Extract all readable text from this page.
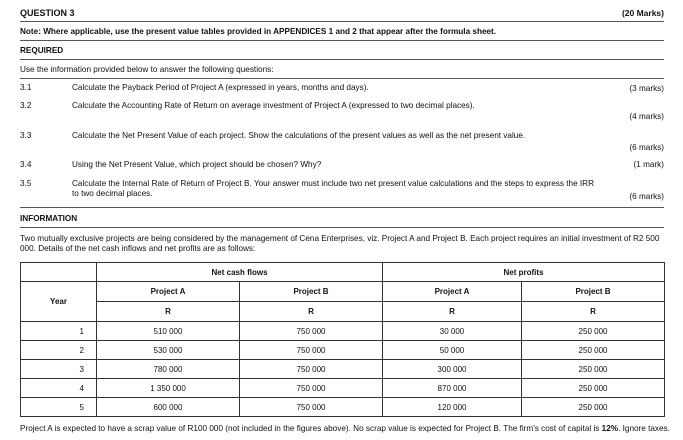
QUESTION 3	(20 Marks)
Note: Where applicable, use the present value tables provided in APPENDICES 1 and 2 that appear after the formula sheet.
REQUIRED
Use the information provided below to answer the following questions:
3.1	Calculate the Payback Period of Project A (expressed in years, months and days).	(3 marks)
3.2	Calculate the Accounting Rate of Return on average investment of Project A (expressed to two decimal places).
(4 marks)
3.3	Calculate the Net Present Value of each project. Show the calculations of the present values as well as the net present value.
(6 marks)
3.4	Using the Net Present Value, which project should be chosen? Why?	(1 mark)
3.5	Calculate the Internal Rate of Return of Project B. Your answer must include two net present value calculations and the steps to express the IRR to two decimal places.	(6 marks)
INFORMATION
Two mutually exclusive projects are being considered by the management of Cena Enterprises, viz. Project A and Project B. Each project requires an initial investment of R2 500 000. Details of the net cash inflows and net profits are as follows:
	Net cash flows		Net profits	
Year	Project A	Project B	Project A	Project B
	R	R	R	R
1	510 000	750 000	30 000	250 000
2	530 000	750 000	50 000	250 000
3	780 000	750 000	300 000	250 000
4	1 350 000	750 000	870 000	250 000
5	600 000	750 000	120 000	250 000
Project A is expected to have a scrap value of R100 000 (not included in the figures above). No scrap value is expected for Project B. The firm's cost of capital is 12%. Ignore taxes.
